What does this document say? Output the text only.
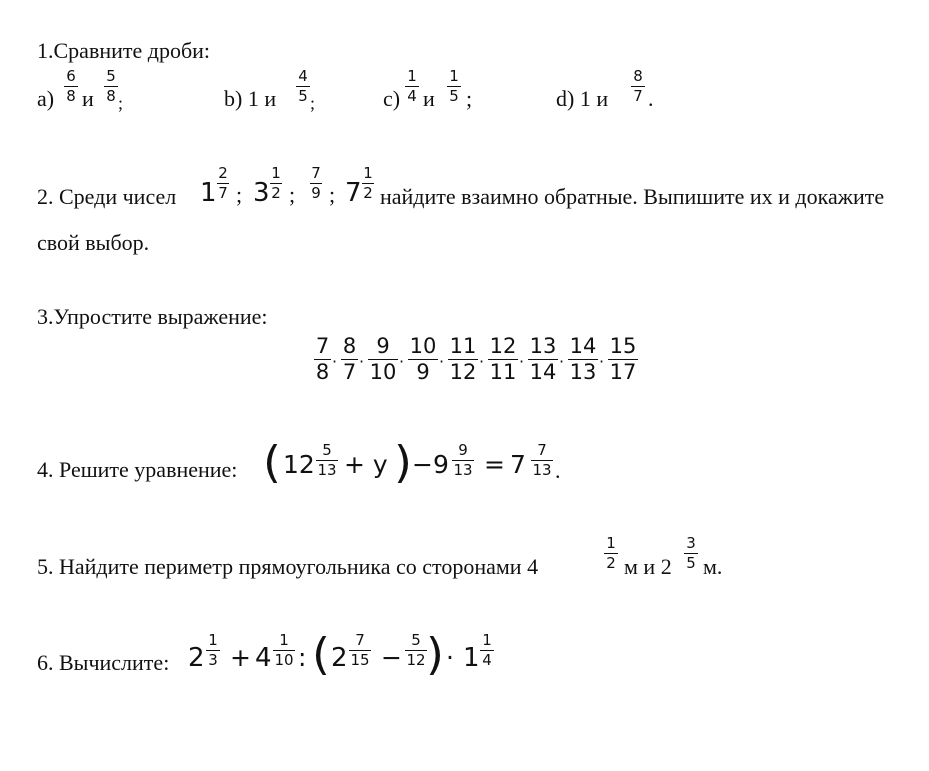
1.Сравните дроби:
a)
6
8 и
5
8 ;	b) 1 и
4
5 ;	c)
1
4 и
1
5 ;	d) 1 и
8
7 .
2. Среди чисел 1
2
7 ; 3
1
2 ;
7
9 ; 7
1
2 найдите взаимно обратные. Выпишите их и докажите
свой выбор.
3.Упростите выражение:
7
8 ·
8
7 ·
9
10 ·
10
9 ·
11
12 ·
12
11 ·
13
14 ·
14
13 ·
15
17
4. Решите уравнение: ( 12 5
13 + y ) − 9 9
13 = 7 7
13 .
5. Найдите периметр прямоугольника со сторонами 4
1
2 м и 2
3
5 м.
6. Вычислите: 2
1
3 + 4
1
10 : ( 2
7
15 −
5
12 ) · 1
1
4
